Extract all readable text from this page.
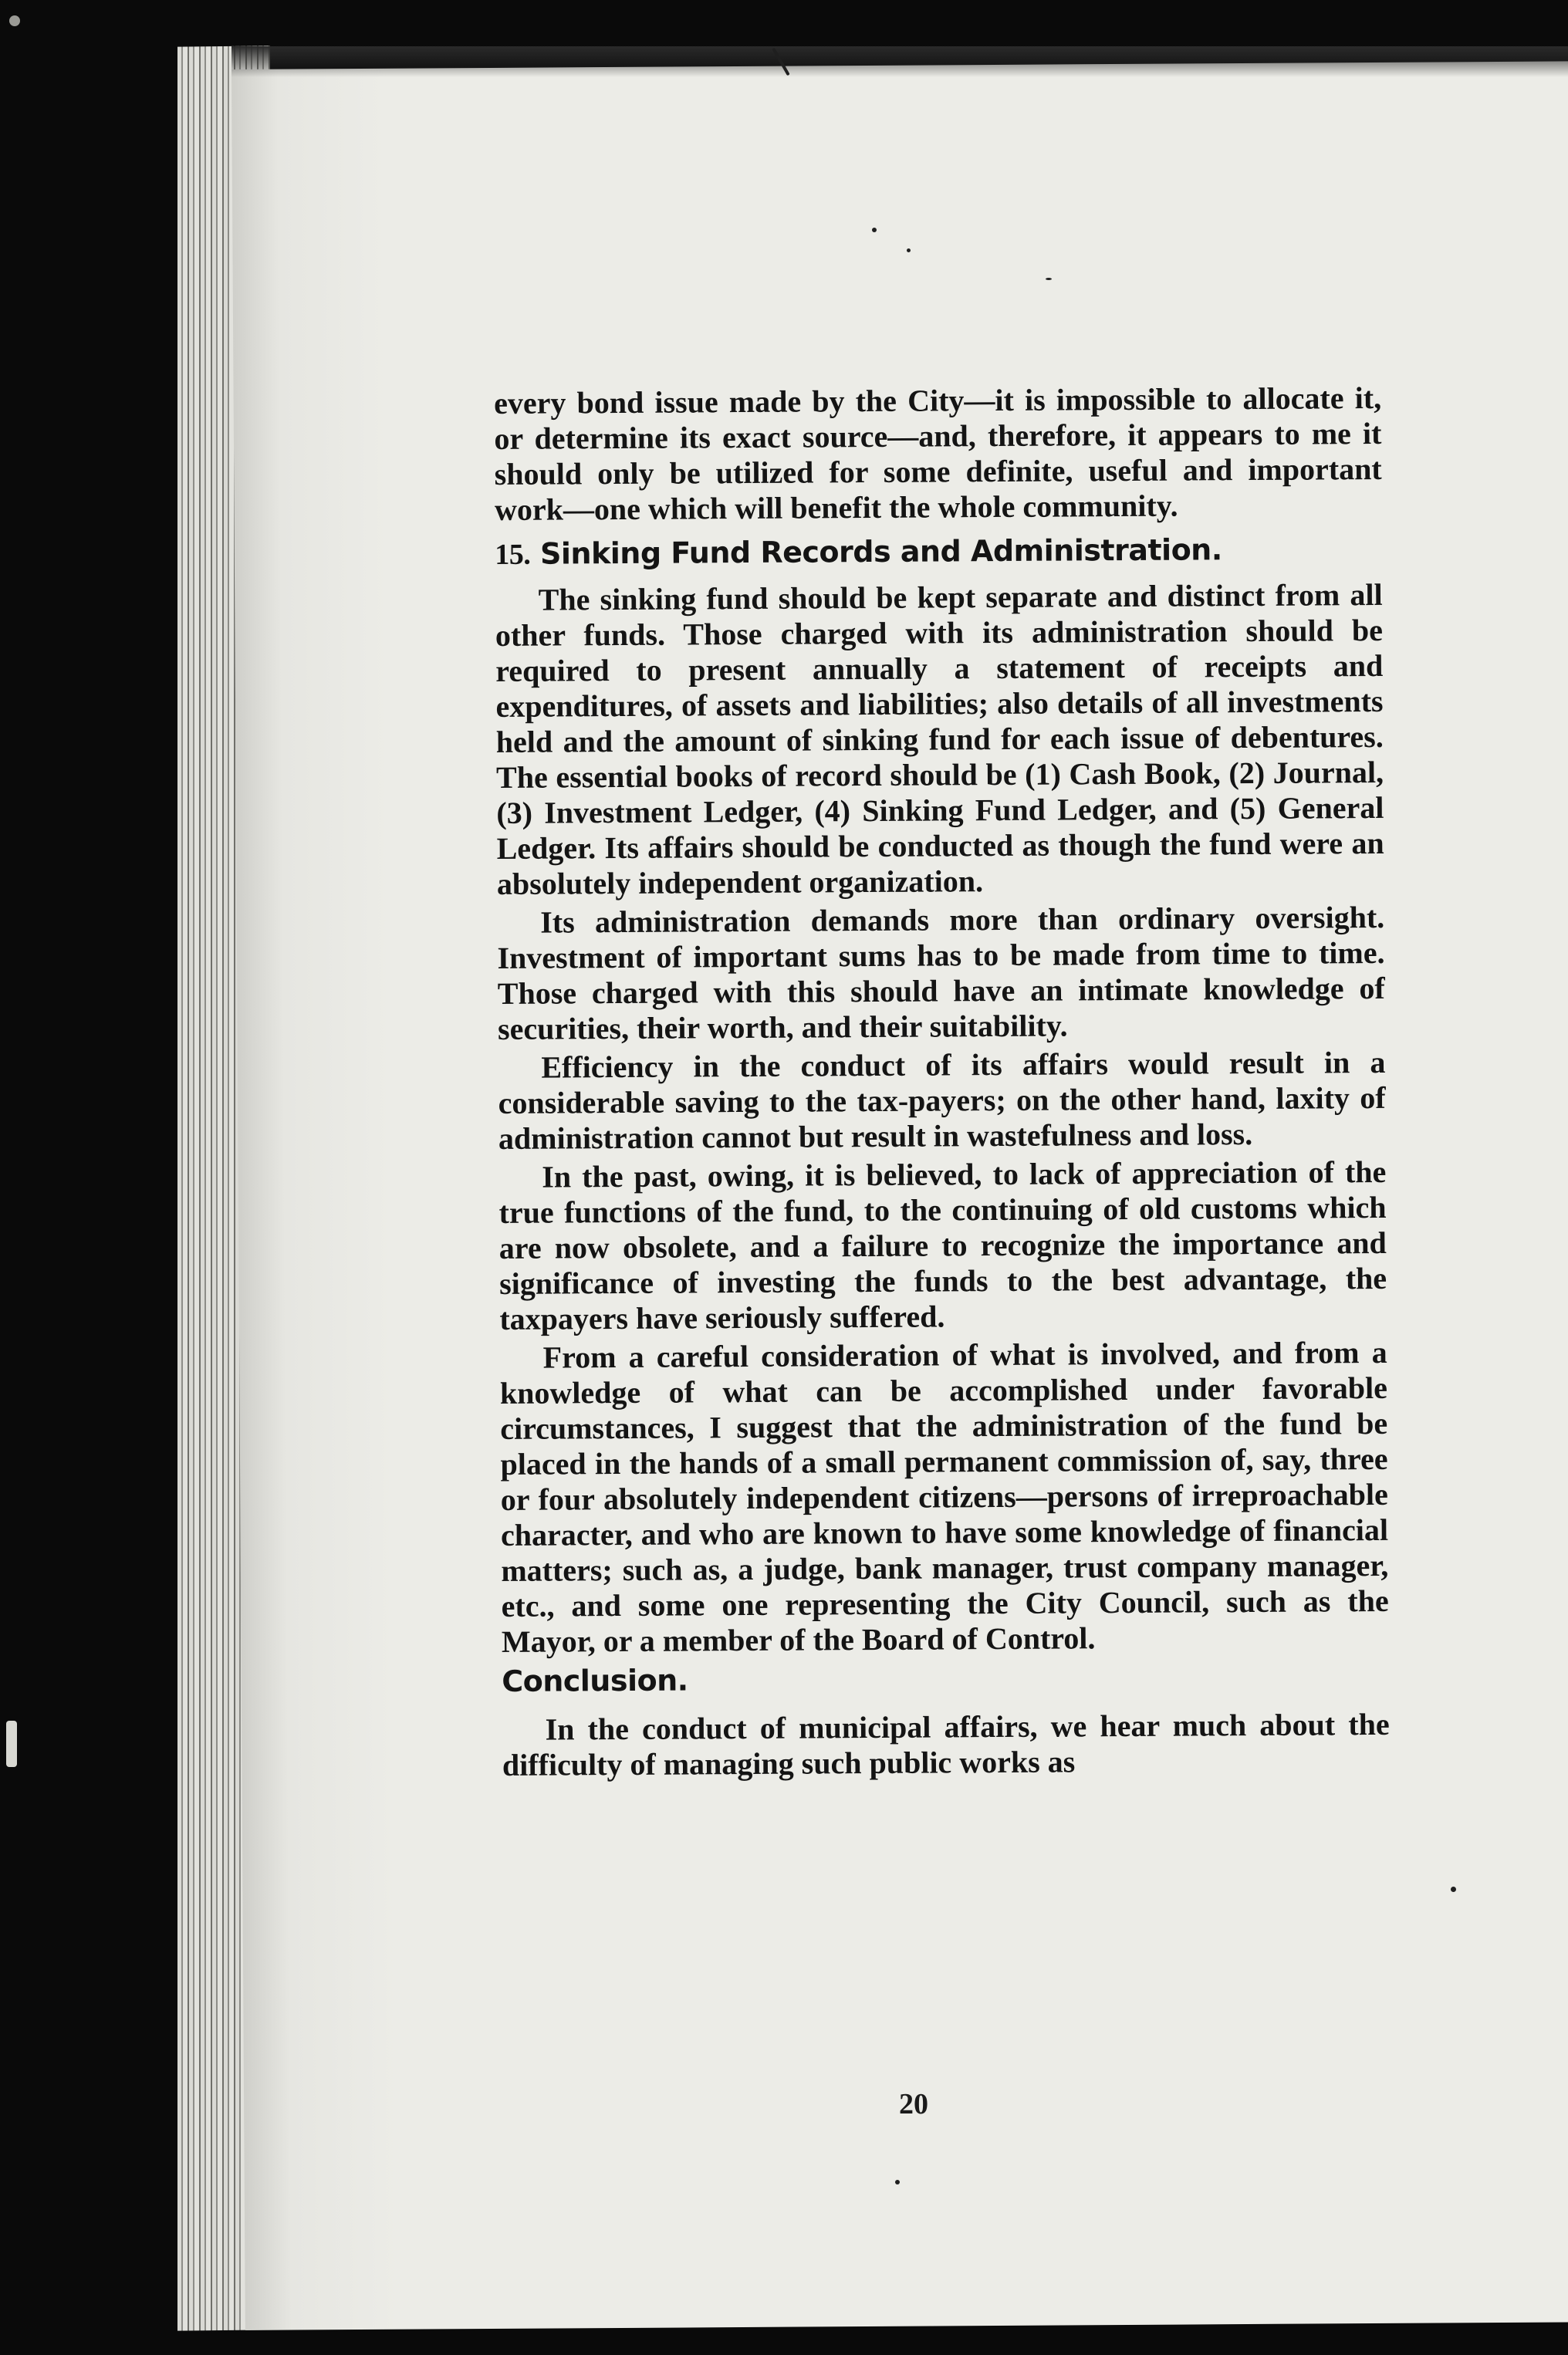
every bond issue made by the City—it is impossible to allocate it, or determine its exact source—and, therefore, it appears to me it should only be utilized for some definite, useful and important work—one which will benefit the whole community.

15. Sinking Fund Records and Administration.

The sinking fund should be kept separate and distinct from all other funds. Those charged with its administration should be required to present annually a statement of receipts and expenditures, of assets and liabilities; also details of all investments held and the amount of sinking fund for each issue of debentures. The essential books of record should be (1) Cash Book, (2) Journal, (3) Investment Ledger, (4) Sinking Fund Ledger, and (5) General Ledger. Its affairs should be conducted as though the fund were an absolutely independent organization.

Its administration demands more than ordinary oversight. Investment of important sums has to be made from time to time. Those charged with this should have an intimate knowledge of securities, their worth, and their suitability.

Efficiency in the conduct of its affairs would result in a considerable saving to the tax-payers; on the other hand, laxity of administration cannot but result in wastefulness and loss.

In the past, owing, it is believed, to lack of appreciation of the true functions of the fund, to the continuing of old customs which are now obsolete, and a failure to recognize the importance and significance of investing the funds to the best advantage, the taxpayers have seriously suffered.

From a careful consideration of what is involved, and from a knowledge of what can be accomplished under favorable circumstances, I suggest that the administration of the fund be placed in the hands of a small permanent commission of, say, three or four absolutely independent citizens—persons of irreproachable character, and who are known to have some knowledge of financial matters; such as, a judge, bank manager, trust company manager, etc., and some one representing the City Council, such as the Mayor, or a member of the Board of Control.

Conclusion.

In the conduct of municipal affairs, we hear much about the difficulty of managing such public works as

20
